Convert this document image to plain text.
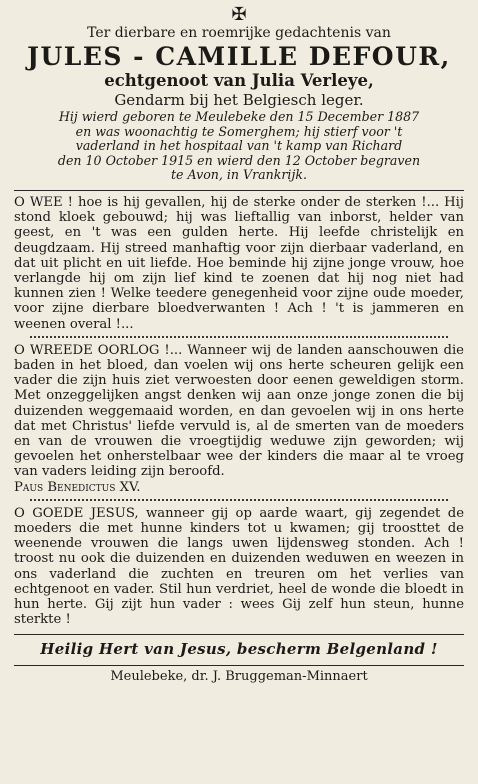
✠
Ter dierbare en roemrijke gedachtenis van
JULES - CAMILLE DEFOUR,
echtgenoot van Julia Verleye,
Gendarm bij het Belgiesch leger.
Hij wierd geboren te Meulebeke den 15 December 1887
en was woonachtig te Somerghem; hij stierf voor 't
vaderland in het hospitaal van 't kamp van Richard
den 10 October 1915 en wierd den 12 October begraven
te Avon, in Vrankrijk.
O WEE ! hoe is hij gevallen, hij de sterke onder de sterken !... Hij stond kloek gebouwd; hij was lieftallig van inborst, helder van geest, en 't was een gulden herte. Hij leefde christelijk en deugdzaam. Hij streed manhaftig voor zijn dierbaar vaderland, en dat uit plicht en uit liefde. Hoe beminde hij zijne jonge vrouw, hoe verlangde hij om zijn lief kind te zoenen dat hij nog niet had kunnen zien ! Welke teedere genegenheid voor zijne oude moeder, voor zijne dierbare bloedverwanten ! Ach ! 't is jammeren en weenen overal !...
O WREEDE OORLOG !... Wanneer wij de landen aanschouwen die baden in het bloed, dan voelen wij ons herte scheuren gelijk een vader die zijn huis ziet verwoesten door eenen geweldigen storm. Met onzeggelijken angst denken wij aan onze jonge zonen die bij duizenden weggemaaid worden, en dan gevoelen wij in ons herte dat met Christus' liefde vervuld is, al de smerten van de moeders en van de vrouwen die vroegtijdig weduwe zijn geworden; wij gevoelen het onherstelbaar wee der kinders die maar al te vroeg van vaders leiding zijn beroofd.
Paus Benedictus XV.
O GOEDE JESUS, wanneer gij op aarde waart, gij zegendet de moeders die met hunne kinders tot u kwamen; gij troosttet de weenende vrouwen die langs uwen lijdensweg stonden. Ach ! troost nu ook die duizenden en duizenden weduwen en weezen in ons vaderland die zuchten en treuren om het verlies van echtgenoot en vader. Stil hun verdriet, heel de wonde die bloedt in hun herte. Gij zijt hun vader : wees Gij zelf hun steun, hunne sterkte !
Heilig Hert van Jesus, bescherm Belgenland !
Meulebeke, dr. J. Bruggeman-Minnaert
